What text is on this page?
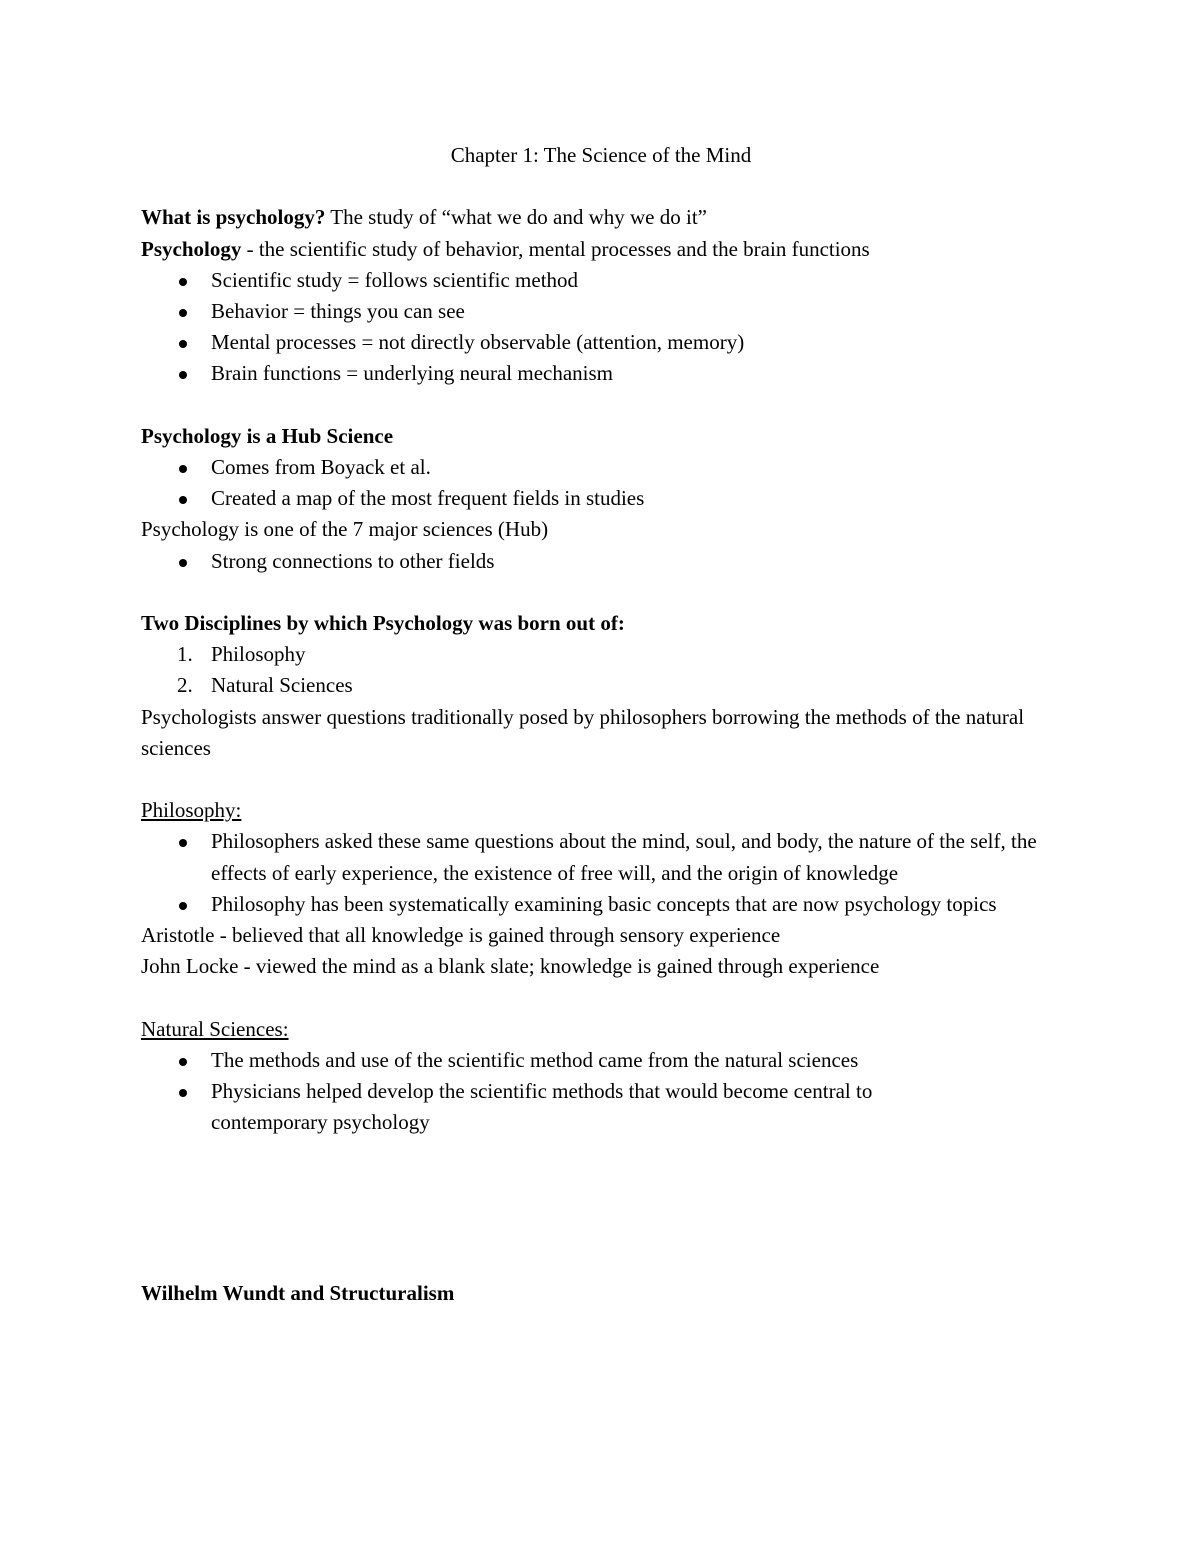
Chapter 1: The Science of the Mind

What is psychology? The study of “what we do and why we do it”

Psychology - the scientific study of behavior, mental processes and the brain functions

Scientific study = follows scientific method
Behavior = things you can see
Mental processes = not directly observable (attention, memory)
Brain functions = underlying neural mechanism

Psychology is a Hub Science

Comes from Boyack et al.
Created a map of the most frequent fields in studies

Psychology is one of the 7 major sciences (Hub)

Strong connections to other fields

Two Disciplines by which Psychology was born out of:

1. Philosophy
2. Natural Sciences

Psychologists answer questions traditionally posed by philosophers borrowing the methods of the natural sciences

Philosophy:

Philosophers asked these same questions about the mind, soul, and body, the nature of the self, the effects of early experience, the existence of free will, and the origin of knowledge
Philosophy has been systematically examining basic concepts that are now psychology topics

Aristotle - believed that all knowledge is gained through sensory experience

John Locke - viewed the mind as a blank slate; knowledge is gained through experience

Natural Sciences:

The methods and use of the scientific method came from the natural sciences
Physicians helped develop the scientific methods that would become central to contemporary psychology

Wilhelm Wundt and Structuralism
